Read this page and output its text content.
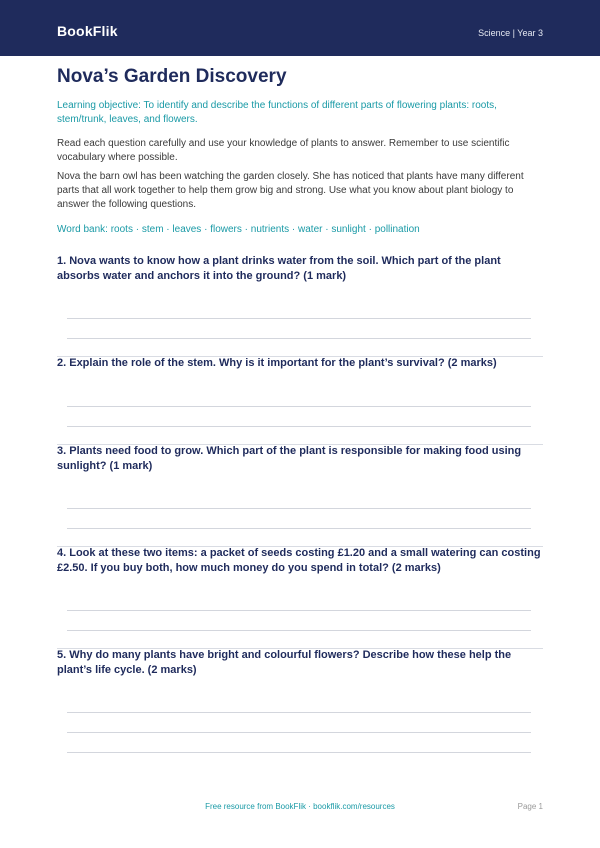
BookFlik	Science | Year 3
Nova’s Garden Discovery

Learning objective: To identify and describe the functions of different parts of flowering plants: roots, stem/trunk, leaves, and flowers.

Read each question carefully and use your knowledge of plants to answer. Remember to use scientific vocabulary where possible.

Nova the barn owl has been watching the garden closely. She has noticed that plants have many different parts that all work together to help them grow big and strong. Use what you know about plant biology to answer the following questions.

Word bank: roots · stem · leaves · flowers · nutrients · water · sunlight · pollination

1. Nova wants to know how a plant drinks water from the soil. Which part of the plant absorbs water and anchors it into the ground? (1 mark)

2. Explain the role of the stem. Why is it important for the plant’s survival? (2 marks)

3. Plants need food to grow. Which part of the plant is responsible for making food using sunlight? (1 mark)

4. Look at these two items: a packet of seeds costing £1.20 and a small watering can costing £2.50. If you buy both, how much money do you spend in total? (2 marks)

5. Why do many plants have bright and colourful flowers? Describe how these help the plant’s life cycle. (2 marks)

Free resource from BookFlik · bookflik.com/resources	Page 1
